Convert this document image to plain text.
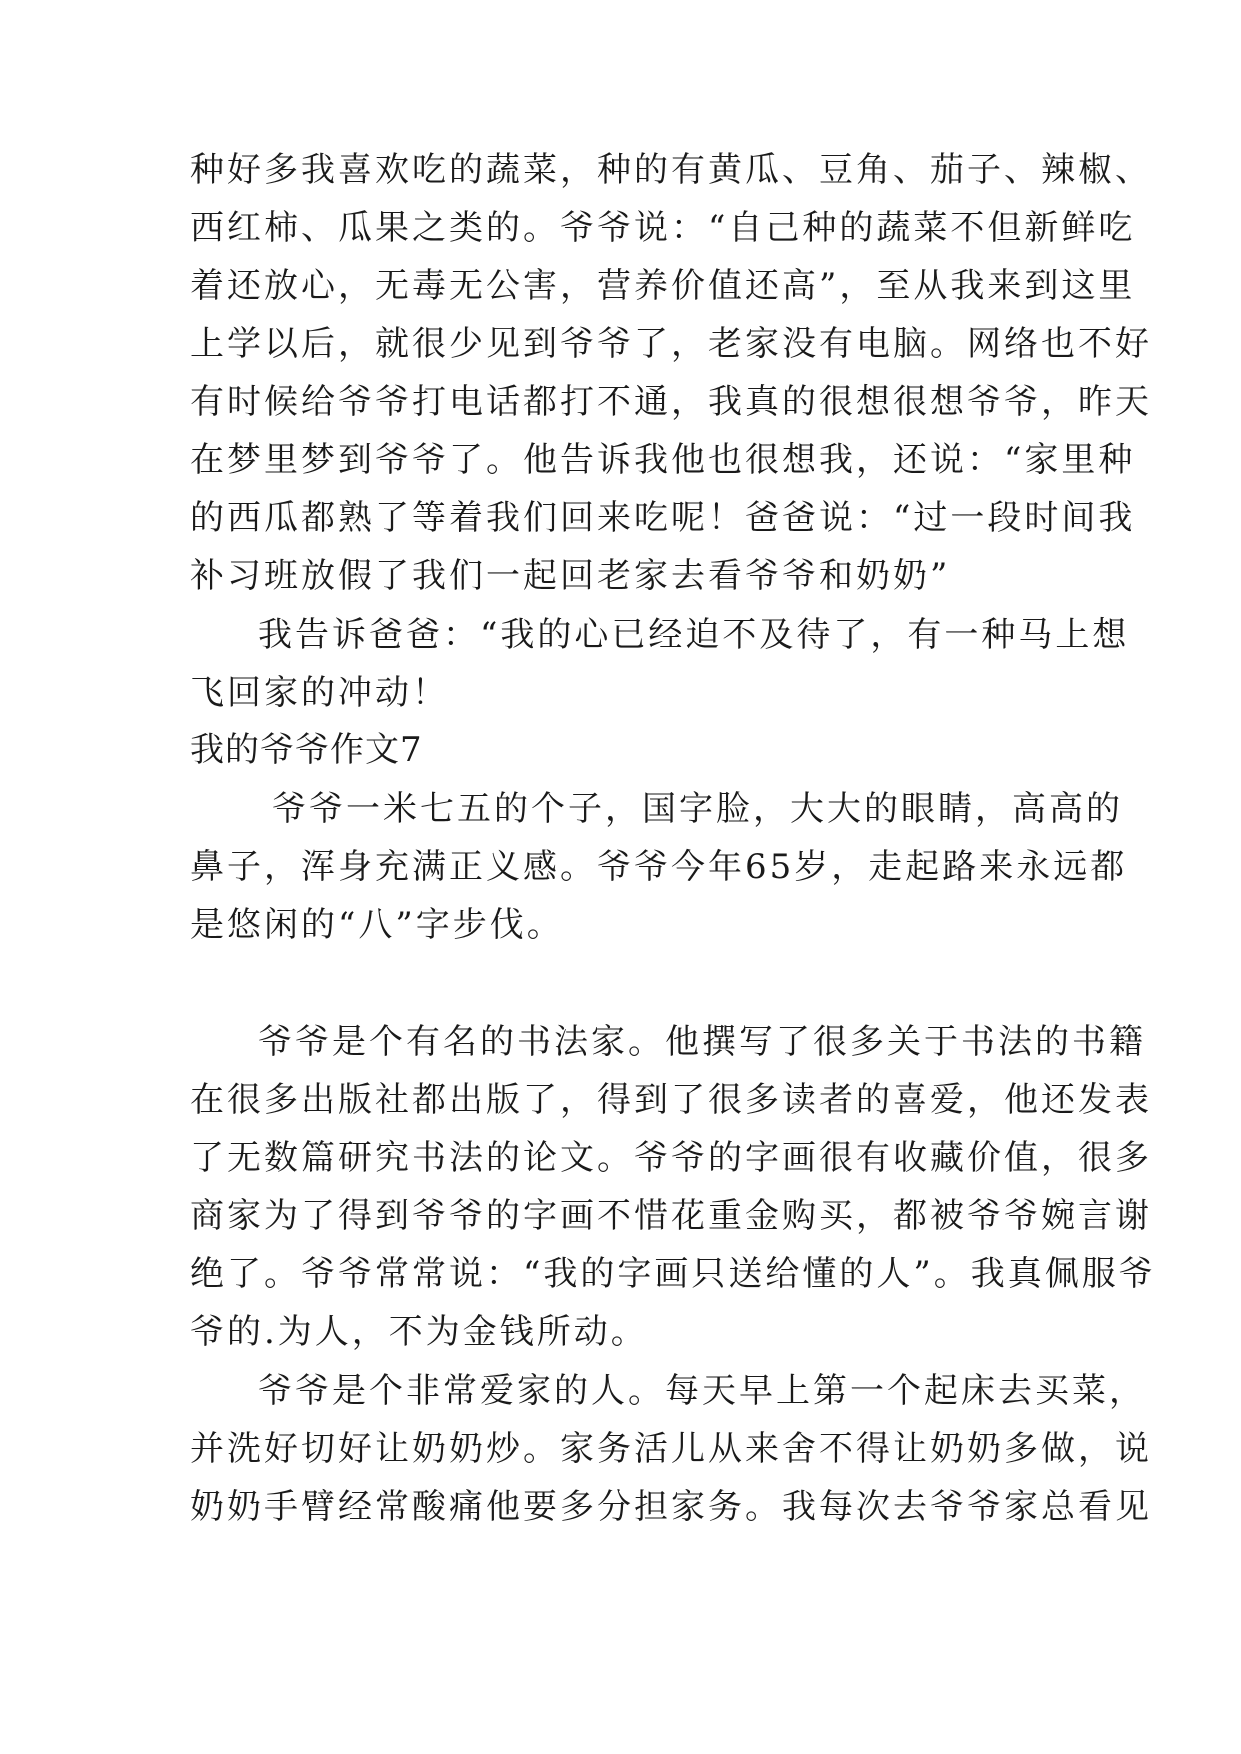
种好多我喜欢吃的蔬菜，种的有黄瓜、豆角、茄子、辣椒、
西红柿、瓜果之类的。爷爷说：“自己种的蔬菜不但新鲜吃
着还放心，无毒无公害，营养价值还高”，至从我来到这里
上学以后，就很少见到爷爷了，老家没有电脑。网络也不好
有时候给爷爷打电话都打不通，我真的很想很想爷爷，昨天
在梦里梦到爷爷了。他告诉我他也很想我，还说：“家里种
的西瓜都熟了等着我们回来吃呢！爸爸说：“过一段时间我
补习班放假了我们一起回老家去看爷爷和奶奶”
我告诉爸爸：“我的心已经迫不及待了，有一种马上想
飞回家的冲动！
我的爷爷作文7
爷爷一米七五的个子，国字脸，大大的眼睛，高高的
鼻子，浑身充满正义感。爷爷今年65岁，走起路来永远都
是悠闲的“八”字步伐。
爷爷是个有名的书法家。他撰写了很多关于书法的书籍
在很多出版社都出版了，得到了很多读者的喜爱，他还发表
了无数篇研究书法的论文。爷爷的字画很有收藏价值，很多
商家为了得到爷爷的字画不惜花重金购买，都被爷爷婉言谢
绝了。爷爷常常说：“我的字画只送给懂的人”。我真佩服爷
爷的.为人，不为金钱所动。
爷爷是个非常爱家的人。每天早上第一个起床去买菜，
并洗好切好让奶奶炒。家务活儿从来舍不得让奶奶多做，说
奶奶手臂经常酸痛他要多分担家务。我每次去爷爷家总看见
